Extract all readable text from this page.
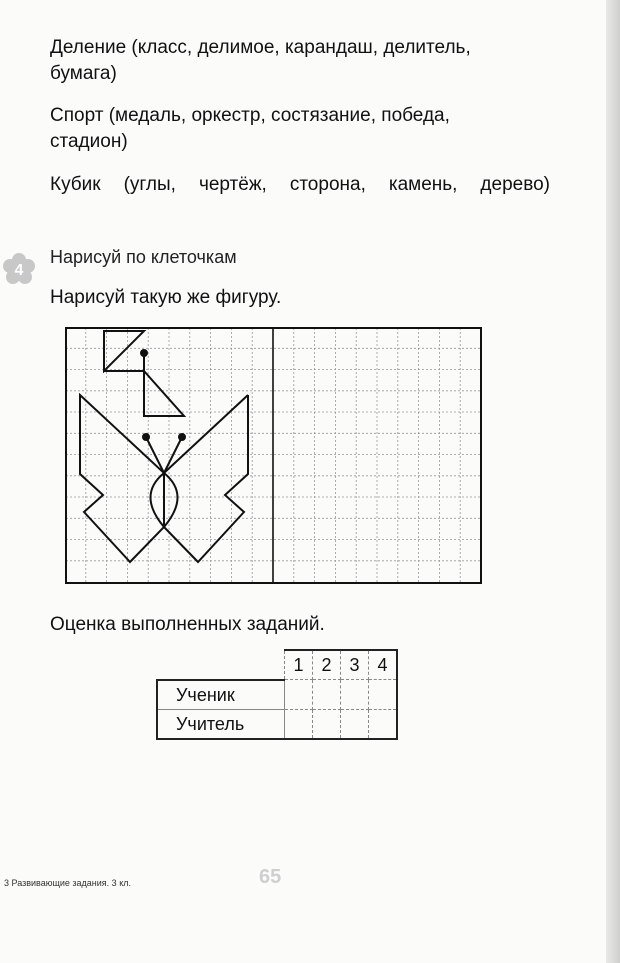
Деление (класс, делимое, карандаш, делитель,

бумага)

Спорт (медаль, оркестр, состязание, победа,

стадион)

Кубик (углы, чертёж, сторона, камень, дерево)

4

Нарисуй по клеточкам

Нарисуй такую же фигуру.

Оценка выполненных заданий.

	1	2	3	4
Ученик				
Учитель				

3 Развивающие задания. 3 кл.	65
